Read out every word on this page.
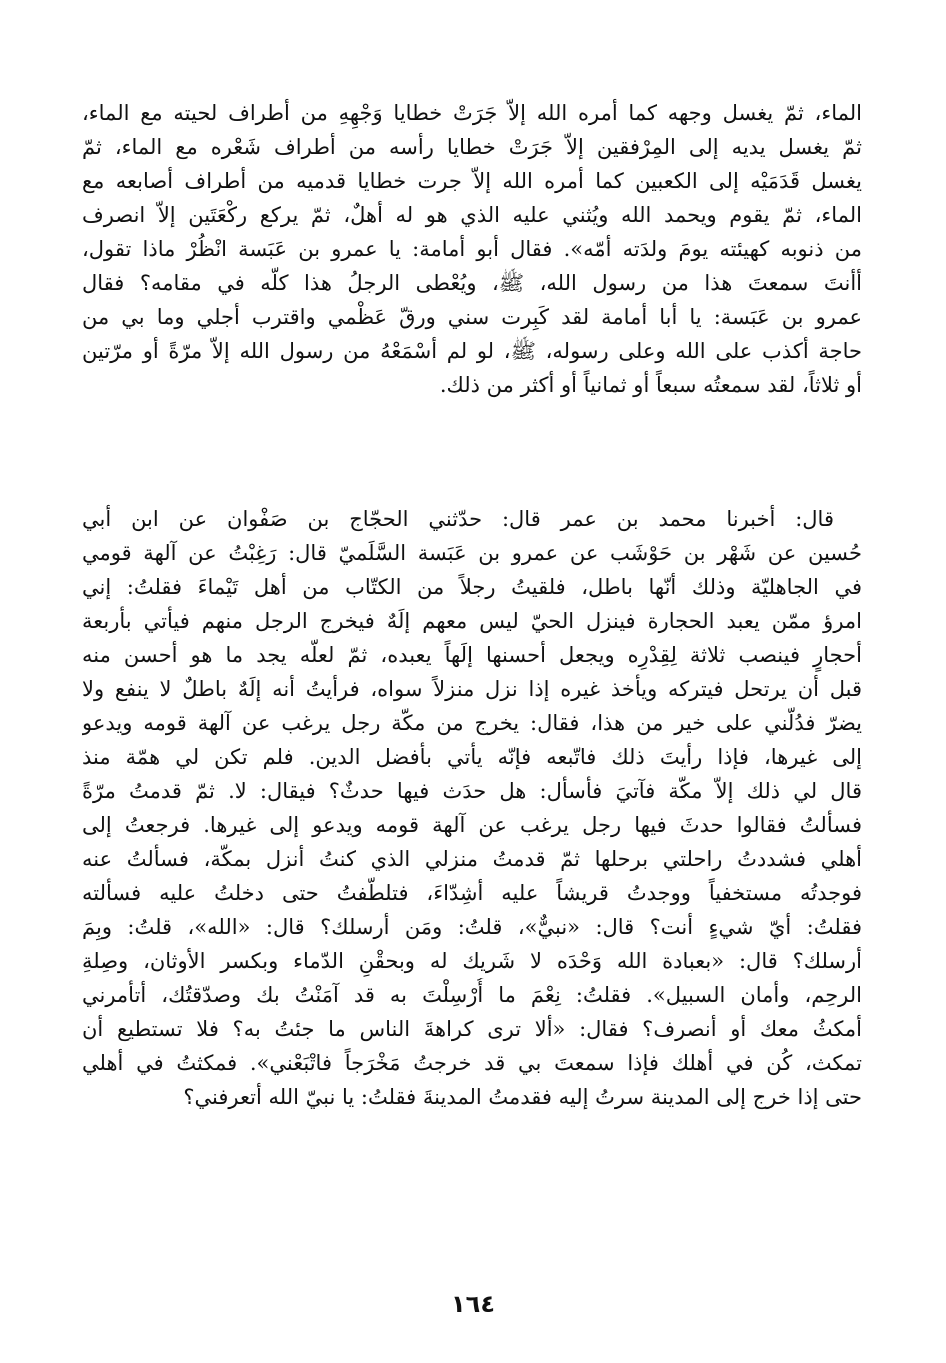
الماء، ثمّ يغسل وجهه كما أمره الله إلاّ جَرَتْ خطايا وَجْهِهِ من أطراف لحيته مع الماء،
ثمّ يغسل يديه إلى المِرْفقين إلاّ جَرَتْ خطايا رأسه من أطراف شَعْره مع الماء، ثمّ
يغسل قَدَمَيْه إلى الكعبين كما أمره الله إلاّ جرت خطايا قدميه من أطراف أصابعه مع
الماء، ثمّ يقوم ويحمد الله ويُثني عليه الذي هو له أهلٌ، ثمّ يركع ركْعَتَين إلاّ انصرف
من ذنوبه كهيئته يومَ ولدَته أمّه». فقال أبو أمامة: يا عمرو بن عَبَسة انْظُرْ ماذا تقول،
أأنتَ سمعتَ هذا من رسول الله، ﷺ، ويُعْطى الرجلُ هذا كلّه في مقامه؟ فقال
عمرو بن عَبَسة: يا أبا أمامة لقد كَبِرت سني ورقّ عَظْمي واقترب أجلي وما بي من
حاجة أكذب على الله وعلى رسوله، ﷺ، لو لم أسْمَعْهُ من رسول الله إلاّ مرّةً أو مرّتين
أو ثلاثاً، لقد سمعتُه سبعاً أو ثمانياً أو أكثر من ذلك.
قال: أخبرنا محمد بن عمر قال: حدّثني الحجّاج بن صَفْوان عن ابن أبي
حُسين عن شَهْر بن حَوْشَب عن عمرو بن عَبَسة السَّلَميّ قال: رَغِبْتُ عن آلهة قومي
في الجاهليّة وذلك أنّها باطل، فلقيتُ رجلاً من الكتّاب من أهل تَيْماءَ فقلتُ: إني
امرؤ ممّن يعبد الحجارة فينزل الحيّ ليس معهم إلَهٌ فيخرج الرجل منهم فيأتي بأربعة
أحجارٍ فينصب ثلاثة لِقِدْرِه ويجعل أحسنها إلَهاً يعبده، ثمّ لعلّه يجد ما هو أحسن منه
قبل أن يرتحل فيتركه ويأخذ غيره إذا نزل منزلاً سواه، فرأيتُ أنه إلَهٌ باطلٌ لا ينفع ولا
يضرّ فدُلّني على خير من هذا، فقال: يخرج من مكّة رجل يرغب عن آلهة قومه ويدعو
إلى غيرها، فإذا رأيتَ ذلك فاتّبعه فإنّه يأتي بأفضل الدين. فلم تكن لي همّة منذ
قال لي ذلك إلاّ مكّة فآتيَ فأسأل: هل حدَث فيها حدثٌ؟ فيقال: لا. ثمّ قدمتُ مرّةً
فسألتُ فقالوا حدثَ فيها رجل يرغب عن آلهة قومه ويدعو إلى غيرها. فرجعتُ إلى
أهلي فشددتُ راحلتي برحلها ثمّ قدمتُ منزلي الذي كنتُ أنزل بمكّة، فسألتُ عنه
فوجدتُه مستخفياً ووجدتُ قريشاً عليه أشِدّاءَ، فتلطّفتُ حتى دخلتُ عليه فسألته
فقلتُ: أيّ شيءٍ أنت؟ قال: «نبيٌّ»، قلتُ: ومَن أرسلك؟ قال: «الله»، قلتُ: وبِمَ
أرسلك؟ قال: «بعبادة الله وَحْدَه لا شَريك له وبحقْنِ الدّماء وبكسر الأوثان، وصِلةِ
الرحِم، وأمان السبيل». فقلتُ: نِعْمَ ما أُرْسِلْتَ به قد آمَنْتُ بك وصدّقتُك، أتأمرني
أمكثُ معك أو أنصرف؟ فقال: «ألا ترى كراهةَ الناس ما جئتُ به؟ فلا تستطيع أن
تمكث، كُن في أهلك فإذا سمعتَ بي قد خرجتُ مَخْرَجاً فاتْبَعْني». فمكثتُ في أهلي
حتى إذا خرج إلى المدينة سرتُ إليه فقدمتُ المدينةَ فقلتُ: يا نبيّ الله أتعرفني؟
١٦٤
